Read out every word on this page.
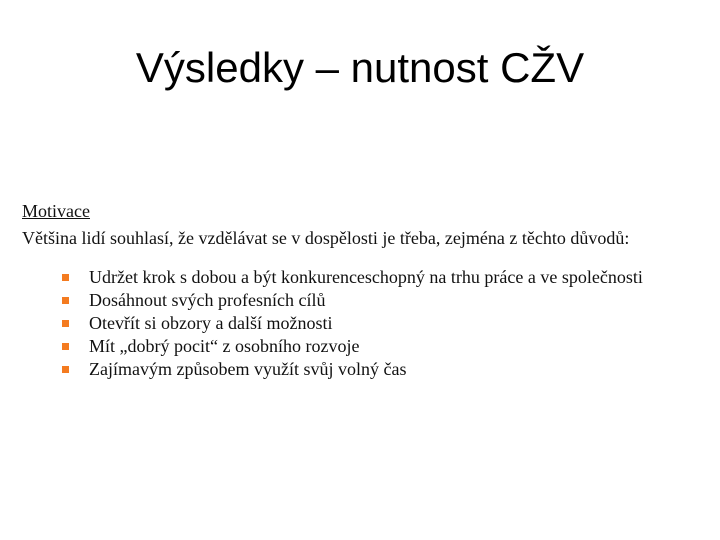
Výsledky – nutnost CŽV

Motivace

Většina lidí souhlasí, že vzdělávat se v dospělosti je třeba, zejména z těchto důvodů:

Udržet krok s dobou a být konkurenceschopný na trhu práce a ve společnosti
Dosáhnout svých profesních cílů
Otevřít si obzory a další možnosti
Mít „dobrý pocit“ z osobního rozvoje
Zajímavým způsobem využít svůj volný čas
